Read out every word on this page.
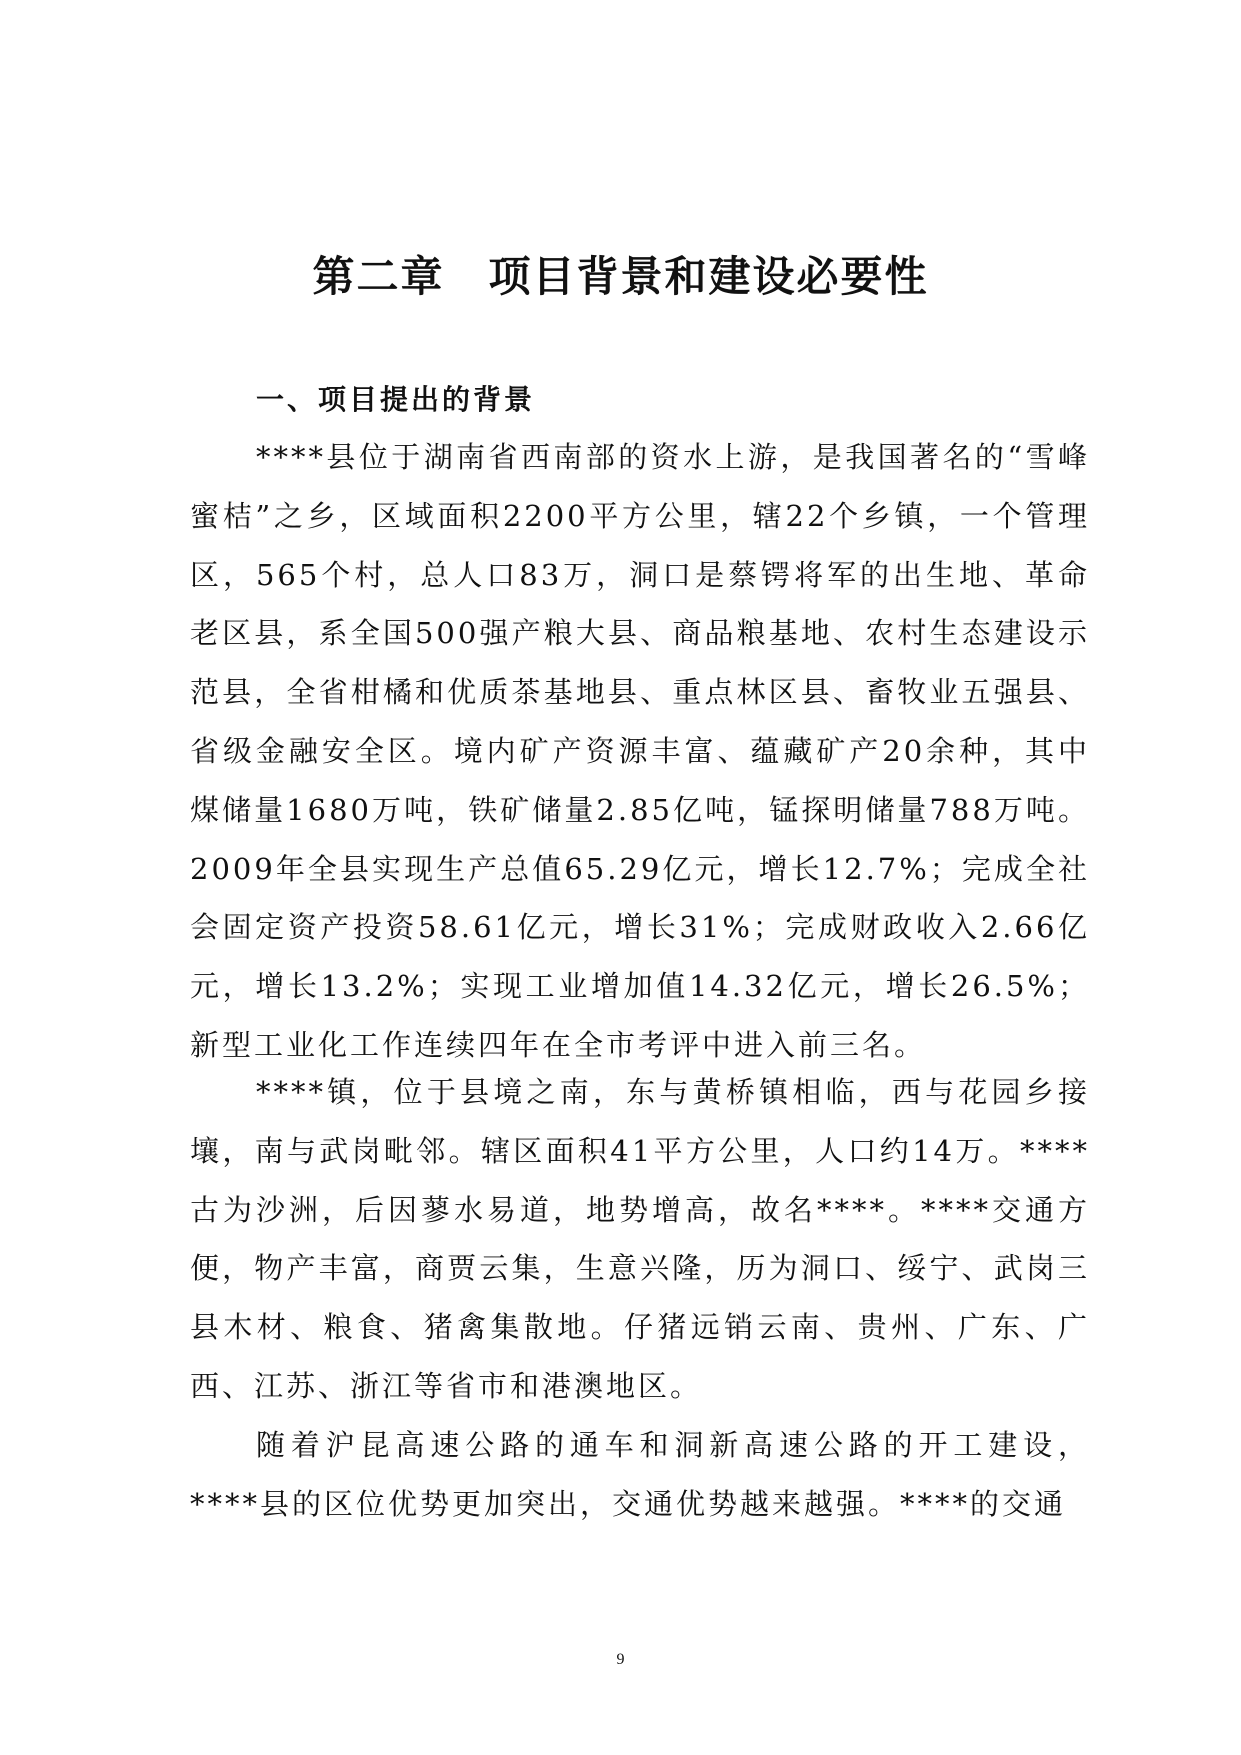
第二章 项目背景和建设必要性
一、项目提出的背景

****县位于湖南省西南部的资水上游，是我国著名的“雪峰蜜桔”之乡，区域面积2200平方公里，辖22个乡镇，一个管理区，565个村，总人口83万，洞口是蔡锷将军的出生地、革命老区县，系全国500强产粮大县、商品粮基地、农村生态建设示范县，全省柑橘和优质茶基地县、重点林区县、畜牧业五强县、省级金融安全区。境内矿产资源丰富、蕴藏矿产20余种，其中煤储量1680万吨，铁矿储量2.85亿吨，锰探明储量788万吨。2009年全县实现生产总值65.29亿元，增长12.7%；完成全社会固定资产投资58.61亿元，增长31%；完成财政收入2.66亿元，增长13.2%；实现工业增加值14.32亿元，增长26.5%；新型工业化工作连续四年在全市考评中进入前三名。

****镇，位于县境之南，东与黄桥镇相临，西与花园乡接壤，南与武岗毗邻。辖区面积41平方公里，人口约14万。****古为沙洲，后因蓼水易道，地势增高，故名****。****交通方便，物产丰富，商贾云集，生意兴隆，历为洞口、绥宁、武岗三县木材、粮食、猪禽集散地。仔猪远销云南、贵州、广东、广西、江苏、浙江等省市和港澳地区。

随着沪昆高速公路的通车和洞新高速公路的开工建设，****县的区位优势更加突出，交通优势越来越强。****的交通

9
